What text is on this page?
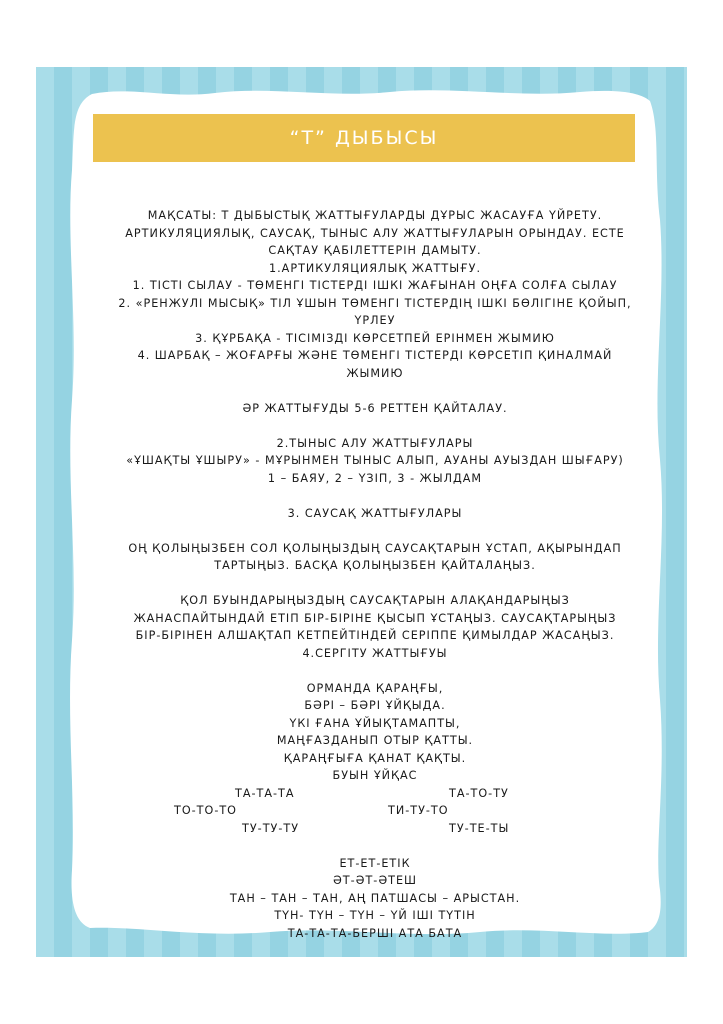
“Т” ДЫБЫСЫ
МАҚСАТЫ: Т ДЫБЫСТЫҚ ЖАТТЫҒУЛАРДЫ ДҰРЫС ЖАСАУҒА ҮЙРЕТУ.
АРТИКУЛЯЦИЯЛЫҚ, САУСАҚ, ТЫНЫС АЛУ ЖАТТЫҒУЛАРЫН ОРЫНДАУ. ЕСТЕ
САҚТАУ ҚАБІЛЕТТЕРІН ДАМЫТУ.
1.АРТИКУЛЯЦИЯЛЫҚ ЖАТТЫҒУ.
1. ТІСТІ СЫЛАУ - ТӨМЕНГІ ТІСТЕРДІ ІШКІ ЖАҒЫНАН ОҢҒА СОЛҒА СЫЛАУ
2. «РЕНЖУЛІ МЫСЫҚ» ТІЛ ҰШЫН ТӨМЕНГІ ТІСТЕРДІҢ ІШКІ БӨЛІГІНЕ ҚОЙЫП,
ҮРЛЕУ
3. ҚҰРБАҚА - ТІСІМІЗДІ КӨРСЕТПЕЙ ЕРІНМЕН ЖЫМИЮ
4. ШАРБАҚ – ЖОҒАРҒЫ ЖӘНЕ ТӨМЕНГІ ТІСТЕРДІ КӨРСЕТІП ҚИНАЛМАЙ
ЖЫМИЮ
ӘР ЖАТТЫҒУДЫ 5-6 РЕТТЕН ҚАЙТАЛАУ.
2.ТЫНЫС АЛУ ЖАТТЫҒУЛАРЫ
«ҰШАҚТЫ ҰШЫРУ» - МҰРЫНМЕН ТЫНЫС АЛЫП, АУАНЫ АУЫЗДАН ШЫҒАРУ)
1 – БАЯУ, 2 – ҮЗІП, 3 - ЖЫЛДАМ
3. САУСАҚ ЖАТТЫҒУЛАРЫ
ОҢ ҚОЛЫҢЫЗБЕН СОЛ ҚОЛЫҢЫЗДЫҢ САУСАҚТАРЫН ҰСТАП, АҚЫРЫНДАП
ТАРТЫҢЫЗ. БАСҚА ҚОЛЫҢЫЗБЕН ҚАЙТАЛАҢЫЗ.
ҚОЛ БУЫНДАРЫҢЫЗДЫҢ САУСАҚТАРЫН АЛАҚАНДАРЫҢЫЗ
ЖАНАСПАЙТЫНДАЙ ЕТІП БІР-БІРІНЕ ҚЫСЫП ҰСТАҢЫЗ. САУСАҚТАРЫҢЫЗ
БІР-БІРІНЕН АЛШАҚТАП КЕТПЕЙТІНДЕЙ СЕРІППЕ ҚИМЫЛДАР ЖАСАҢЫЗ.
4.СЕРГІТУ ЖАТТЫҒУЫ
ОРМАНДА ҚАРАҢҒЫ,
БӘРІ – БӘРІ ҰЙҚЫДА.
ҮКІ ҒАНА ҰЙЫҚТАМАПТЫ,
МАҢҒАЗДАНЫП ОТЫР ҚАТТЫ.
ҚАРАҢҒЫҒА ҚАНАТ ҚАҚТЫ.
БУЫН ҰЙҚАС
ТА-ТА-ТА	ТА-ТО-ТУ
ТО-ТО-ТО	ТИ-ТУ-ТО
ТУ-ТУ-ТУ	ТУ-ТЕ-ТЫ
ЕТ-ЕТ-ЕТІК
ӘТ-ӘТ-ӘТЕШ
ТАН – ТАН – ТАН, АҢ ПАТШАСЫ – АРЫСТАН.
ТҮН- ТҮН – ТҮН – ҮЙ ІШІ ТҮТІН
ТА-ТА-ТА-БЕРШІ АТА БАТА
